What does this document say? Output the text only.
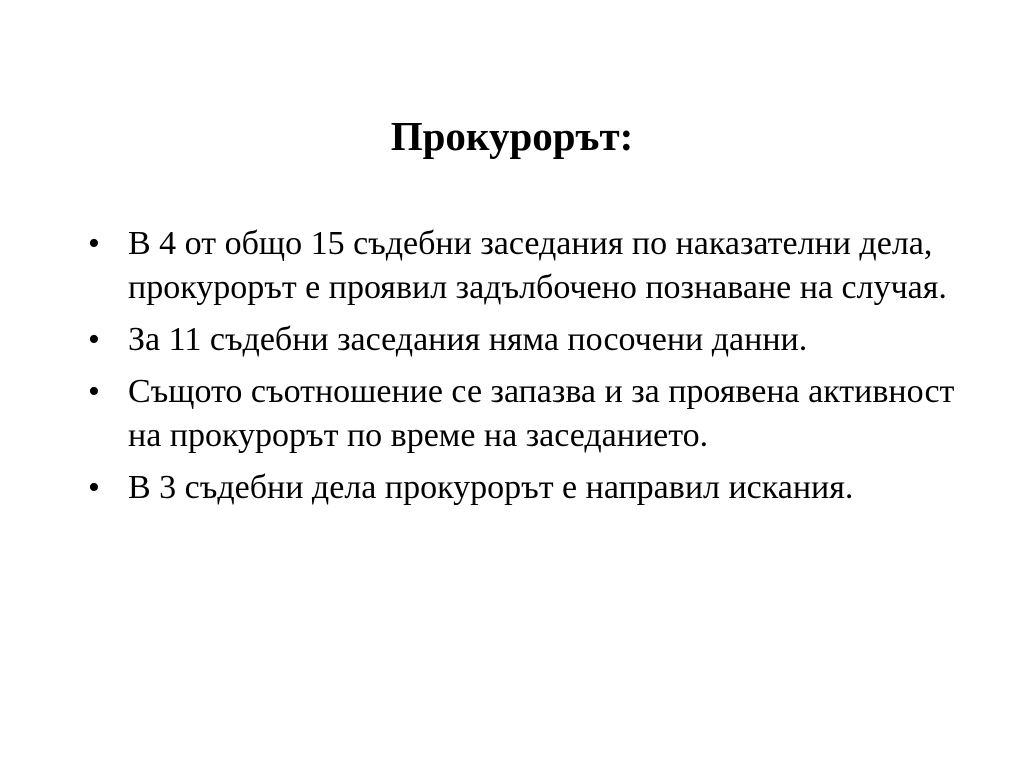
Прокурорът:
• В 4 от общо 15 съдебни заседания по наказателни дела, прокурорът е проявил задълбочено познаване на случая.
• За 11 съдебни заседания няма посочени данни.
• Същото съотношение се запазва и за проявена активност на прокурорът по време на заседанието.
• В 3 съдебни дела прокурорът е направил искания.
